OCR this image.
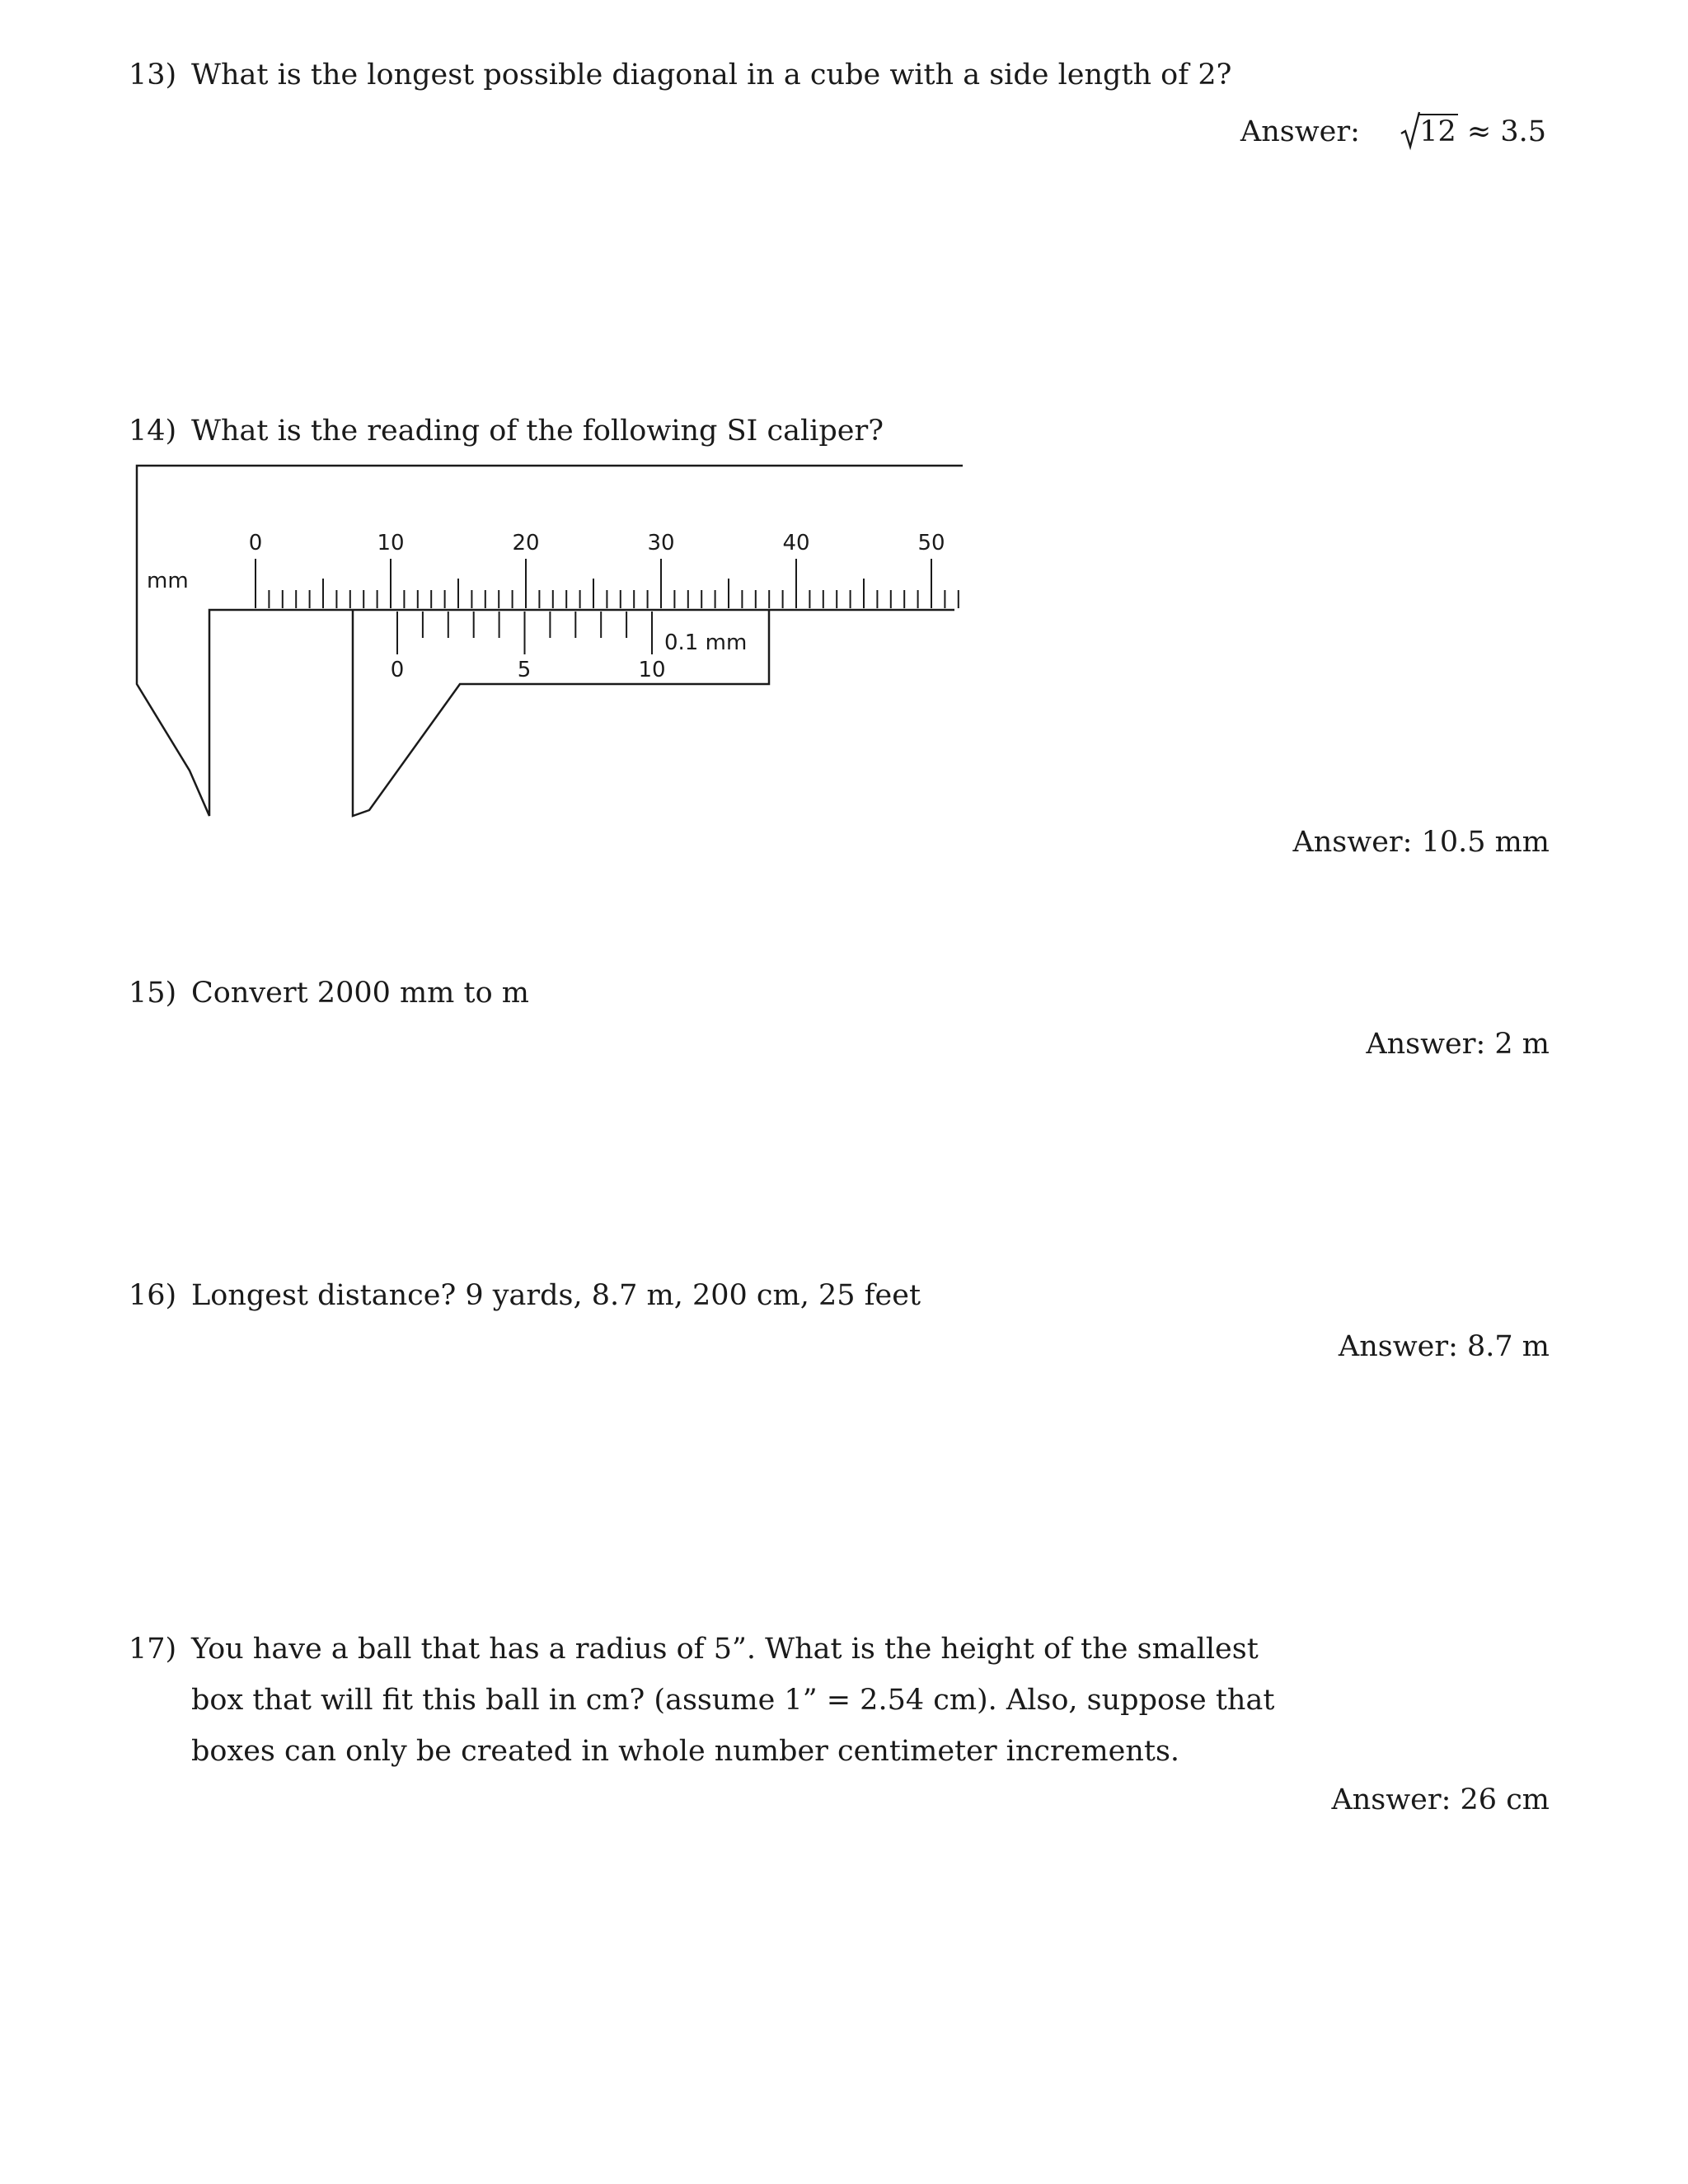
13) What is the longest possible diagonal in a cube with a side length of 2?
Answer: 12 ≈ 3.5
14) What is the reading of the following SI caliper?
mm
0	10	20	30	40	50
0	5	10
0.1 mm
Answer: 10.5 mm
15) Convert 2000 mm to m
Answer: 2 m
16) Longest distance? 9 yards, 8.7 m, 200 cm, 25 feet
Answer: 8.7 m
17) You have a ball that has a radius of 5”. What is the height of the smallest
box that will fit this ball in cm? (assume 1” = 2.54 cm). Also, suppose that
boxes can only be created in whole number centimeter increments.
Answer: 26 cm
